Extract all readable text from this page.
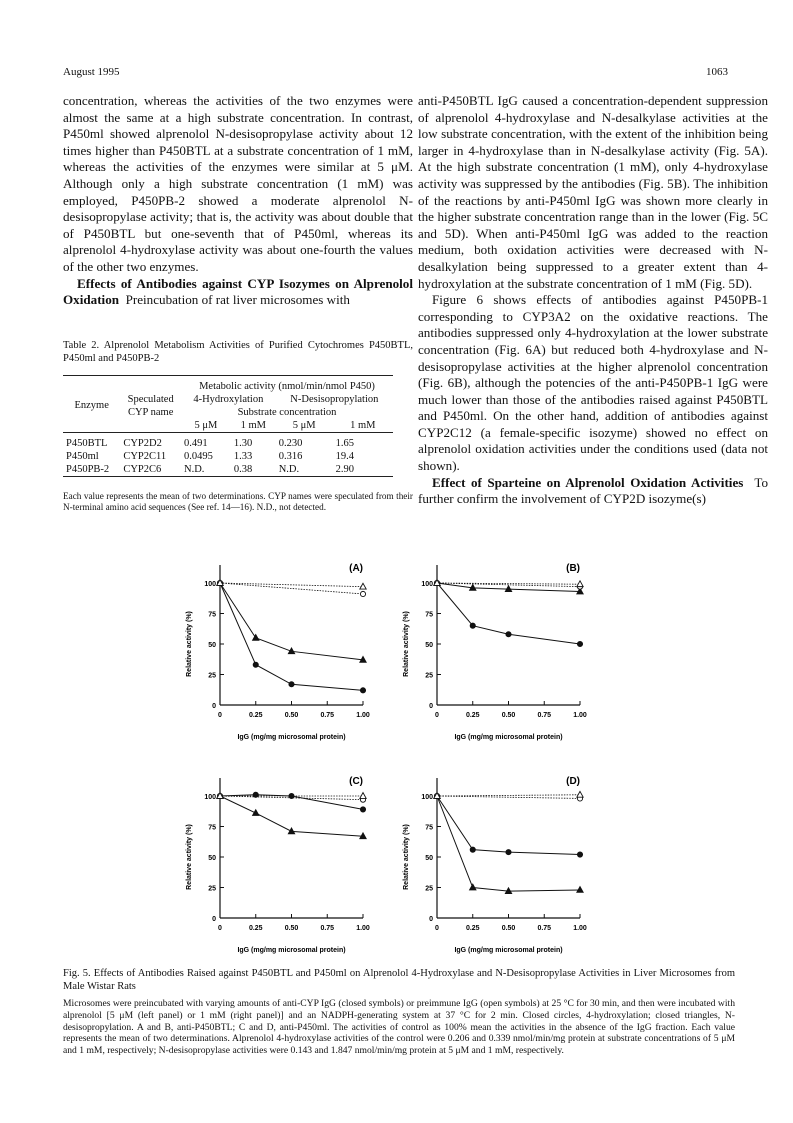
August 1995	1063

concentration, whereas the activities of the two enzymes were almost the same at a high substrate concentration. In contrast, P450ml showed alprenolol N-desisopropylase activity about 12 times higher than P450BTL at a substrate concentration of 1 mM, whereas the activities of the enzymes were similar at 5 μM. Although only a high substrate concentration (1 mM) was employed, P450PB-2 showed a moderate alprenolol N-desisopropylase activity; that is, the activity was about double that of P450BTL but one-seventh that of P450ml, whereas its alprenolol 4-hydroxylase activity was about one-fourth the values of the other two enzymes.

Effects of Antibodies against CYP Isozymes on Alprenolol Oxidation Preincubation of rat liver microsomes with

Table 2. Alprenolol Metabolism Activities of Purified Cytochromes P450BTL, P450ml and P450PB-2

		Metabolic activity (nmol/min/nmol P450)			
Enzyme	Speculated	4-Hydroxylation		N-Desisopropylation	
	CYP name	Substrate concentration			
		5 μM	1 mM	5 μM	1 mM

P450BTL	CYP2D2	0.491	1.30	0.230	1.65
P450ml	CYP2C11	0.0495	1.33	0.316	19.4
P450PB-2	CYP2C6	N.D.	0.38	N.D.	2.90

Each value represents the mean of two determinations. CYP names were speculated from their N-terminal amino acid sequences (See ref. 14—16). N.D., not detected.

anti-P450BTL IgG caused a concentration-dependent suppression of alprenolol 4-hydroxylase and N-desalkylase activities at the low substrate concentration, with the extent of the inhibition being larger in 4-hydroxylase than in N-desalkylase activity (Fig. 5A). At the high substrate concentration (1 mM), only 4-hydroxylase activity was suppressed by the antibodies (Fig. 5B). The inhibition of the reactions by anti-P450ml IgG was shown more clearly in the higher substrate concentration range than in the lower (Fig. 5C and 5D). When anti-P450ml IgG was added to the reaction medium, both oxidation activities were decreased with N-desalkylation being suppressed to a greater extent than 4-hydroxylation at the substrate concentration of 1 mM (Fig. 5D).

Figure 6 shows effects of antibodies against P450PB-1 corresponding to CYP3A2 on the oxidative reactions. The antibodies suppressed only 4-hydroxylation at the lower substrate concentration (Fig. 6A) but reduced both 4-hydroxylase and N-desisopropylase activities at the higher alprenolol concentration (Fig. 6B), although the potencies of the anti-P450PB-1 IgG were much lower than those of the antibodies raised against P450BTL and P450ml. On the other hand, addition of antibodies against CYP2C12 (a female-specific isozyme) showed no effect on alprenolol oxidation activities under the conditions used (data not shown).

Effect of Sparteine on Alprenolol Oxidation Activities To further confirm the involvement of CYP2D isozyme(s)

0
25
50
75
100
0	0.25	0.50	0.75	1.00
Relative activity (%)
IgG (mg/mg microsomal protein)
(A)
0
25
50
75
100
0	0.25	0.50	0.75	1.00
Relative activity (%)
IgG (mg/mg microsomal protein)
(B)
0
25
50
75
100
0	0.25	0.50	0.75	1.00
Relative activity (%)
IgG (mg/mg microsomal protein)
(C)
0
25
50
75
100
0	0.25	0.50	0.75	1.00
Relative activity (%)
IgG (mg/mg microsomal protein)
(D)

Fig. 5. Effects of Antibodies Raised against P450BTL and P450ml on Alprenolol 4-Hydroxylase and N-Desisopropylase Activities in Liver Microsomes from Male Wistar Rats

Microsomes were preincubated with varying amounts of anti-CYP IgG (closed symbols) or preimmune IgG (open symbols) at 25 °C for 30 min, and then were incubated with alprenolol [5 μM (left panel) or 1 mM (right panel)] and an NADPH-generating system at 37 °C for 2 min. Closed circles, 4-hydroxylation; closed triangles, N-desisopropylation. A and B, anti-P450BTL; C and D, anti-P450ml. The activities of control as 100% mean the activities in the absence of the IgG fraction. Each value represents the mean of two determinations. Alprenolol 4-hydroxylase activities of the control were 0.206 and 0.339 nmol/min/mg protein at substrate concentrations of 5 μM and 1 mM, respectively; N-desisopropylase activities were 0.143 and 1.847 nmol/min/mg protein at 5 μM and 1 mM, respectively.
